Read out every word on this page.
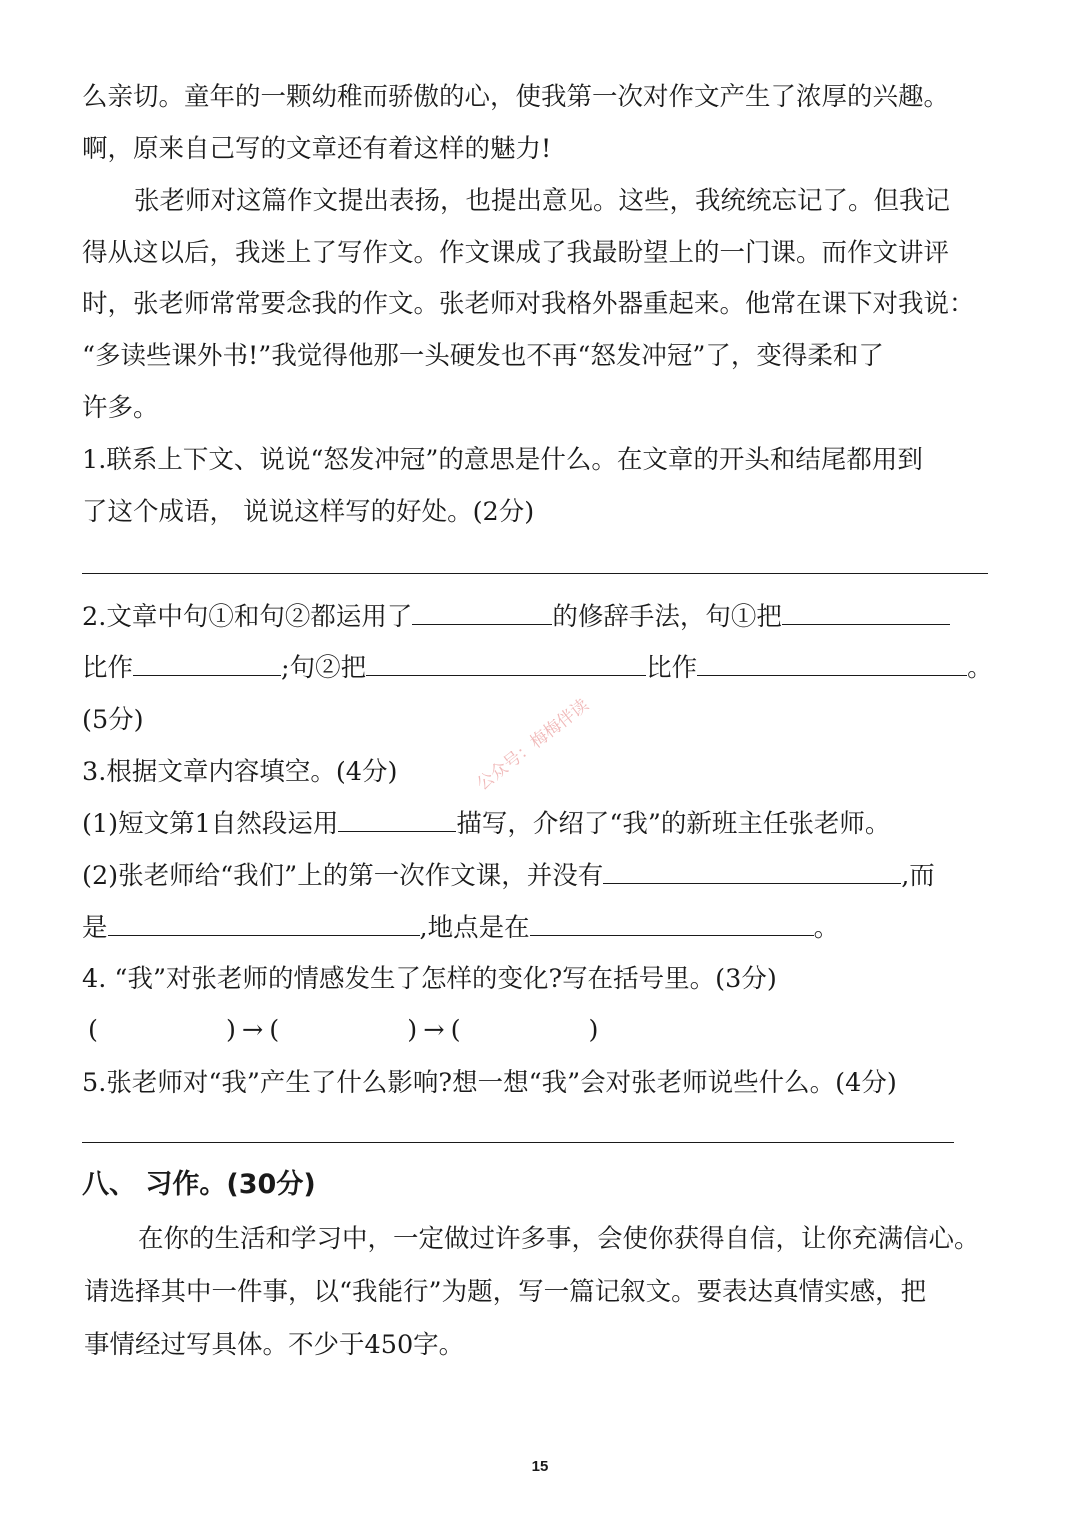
么亲切。童年的一颗幼稚而骄傲的心，使我第一次对作文产生了浓厚的兴趣。
啊，原来自己写的文章还有着这样的魅力!
张老师对这篇作文提出表扬，也提出意见。这些，我统统忘记了。但我记
得从这以后，我迷上了写作文。作文课成了我最盼望上的一门课。而作文讲评
时，张老师常常要念我的作文。张老师对我格外器重起来。他常在课下对我说：
“多读些课外书!”我觉得他那一头硬发也不再“怒发冲冠”了，变得柔和了
许多。
1.联系上下文、说说“怒发冲冠”的意思是什么。在文章的开头和结尾都用到
了这个成语， 说说这样写的好处。(2分)
2.文章中句①和句②都运用了	的修辞手法，句①把
比作	;句②把	比作	。
(5分)
3.根据文章内容填空。(4分)
(1)短文第1自然段运用	描写，介绍了“我”的新班主任张老师。
(2)张老师给“我们”上的第一次作文课，并没有	,而
是	,地点是在	。
4. “我”对张老师的情感发生了怎样的变化?写在括号里。(3分)
(	) → (	) → (	)
5.张老师对“我”产生了什么影响?想一想“我”会对张老师说些什么。(4分)
八、 习作。(30分)
在你的生活和学习中，一定做过许多事，会使你获得自信，让你充满信心。
请选择其中一件事，以“我能行”为题，写一篇记叙文。要表达真情实感，把
事情经过写具体。不少于450字。
公众号：梅梅伴读
15
